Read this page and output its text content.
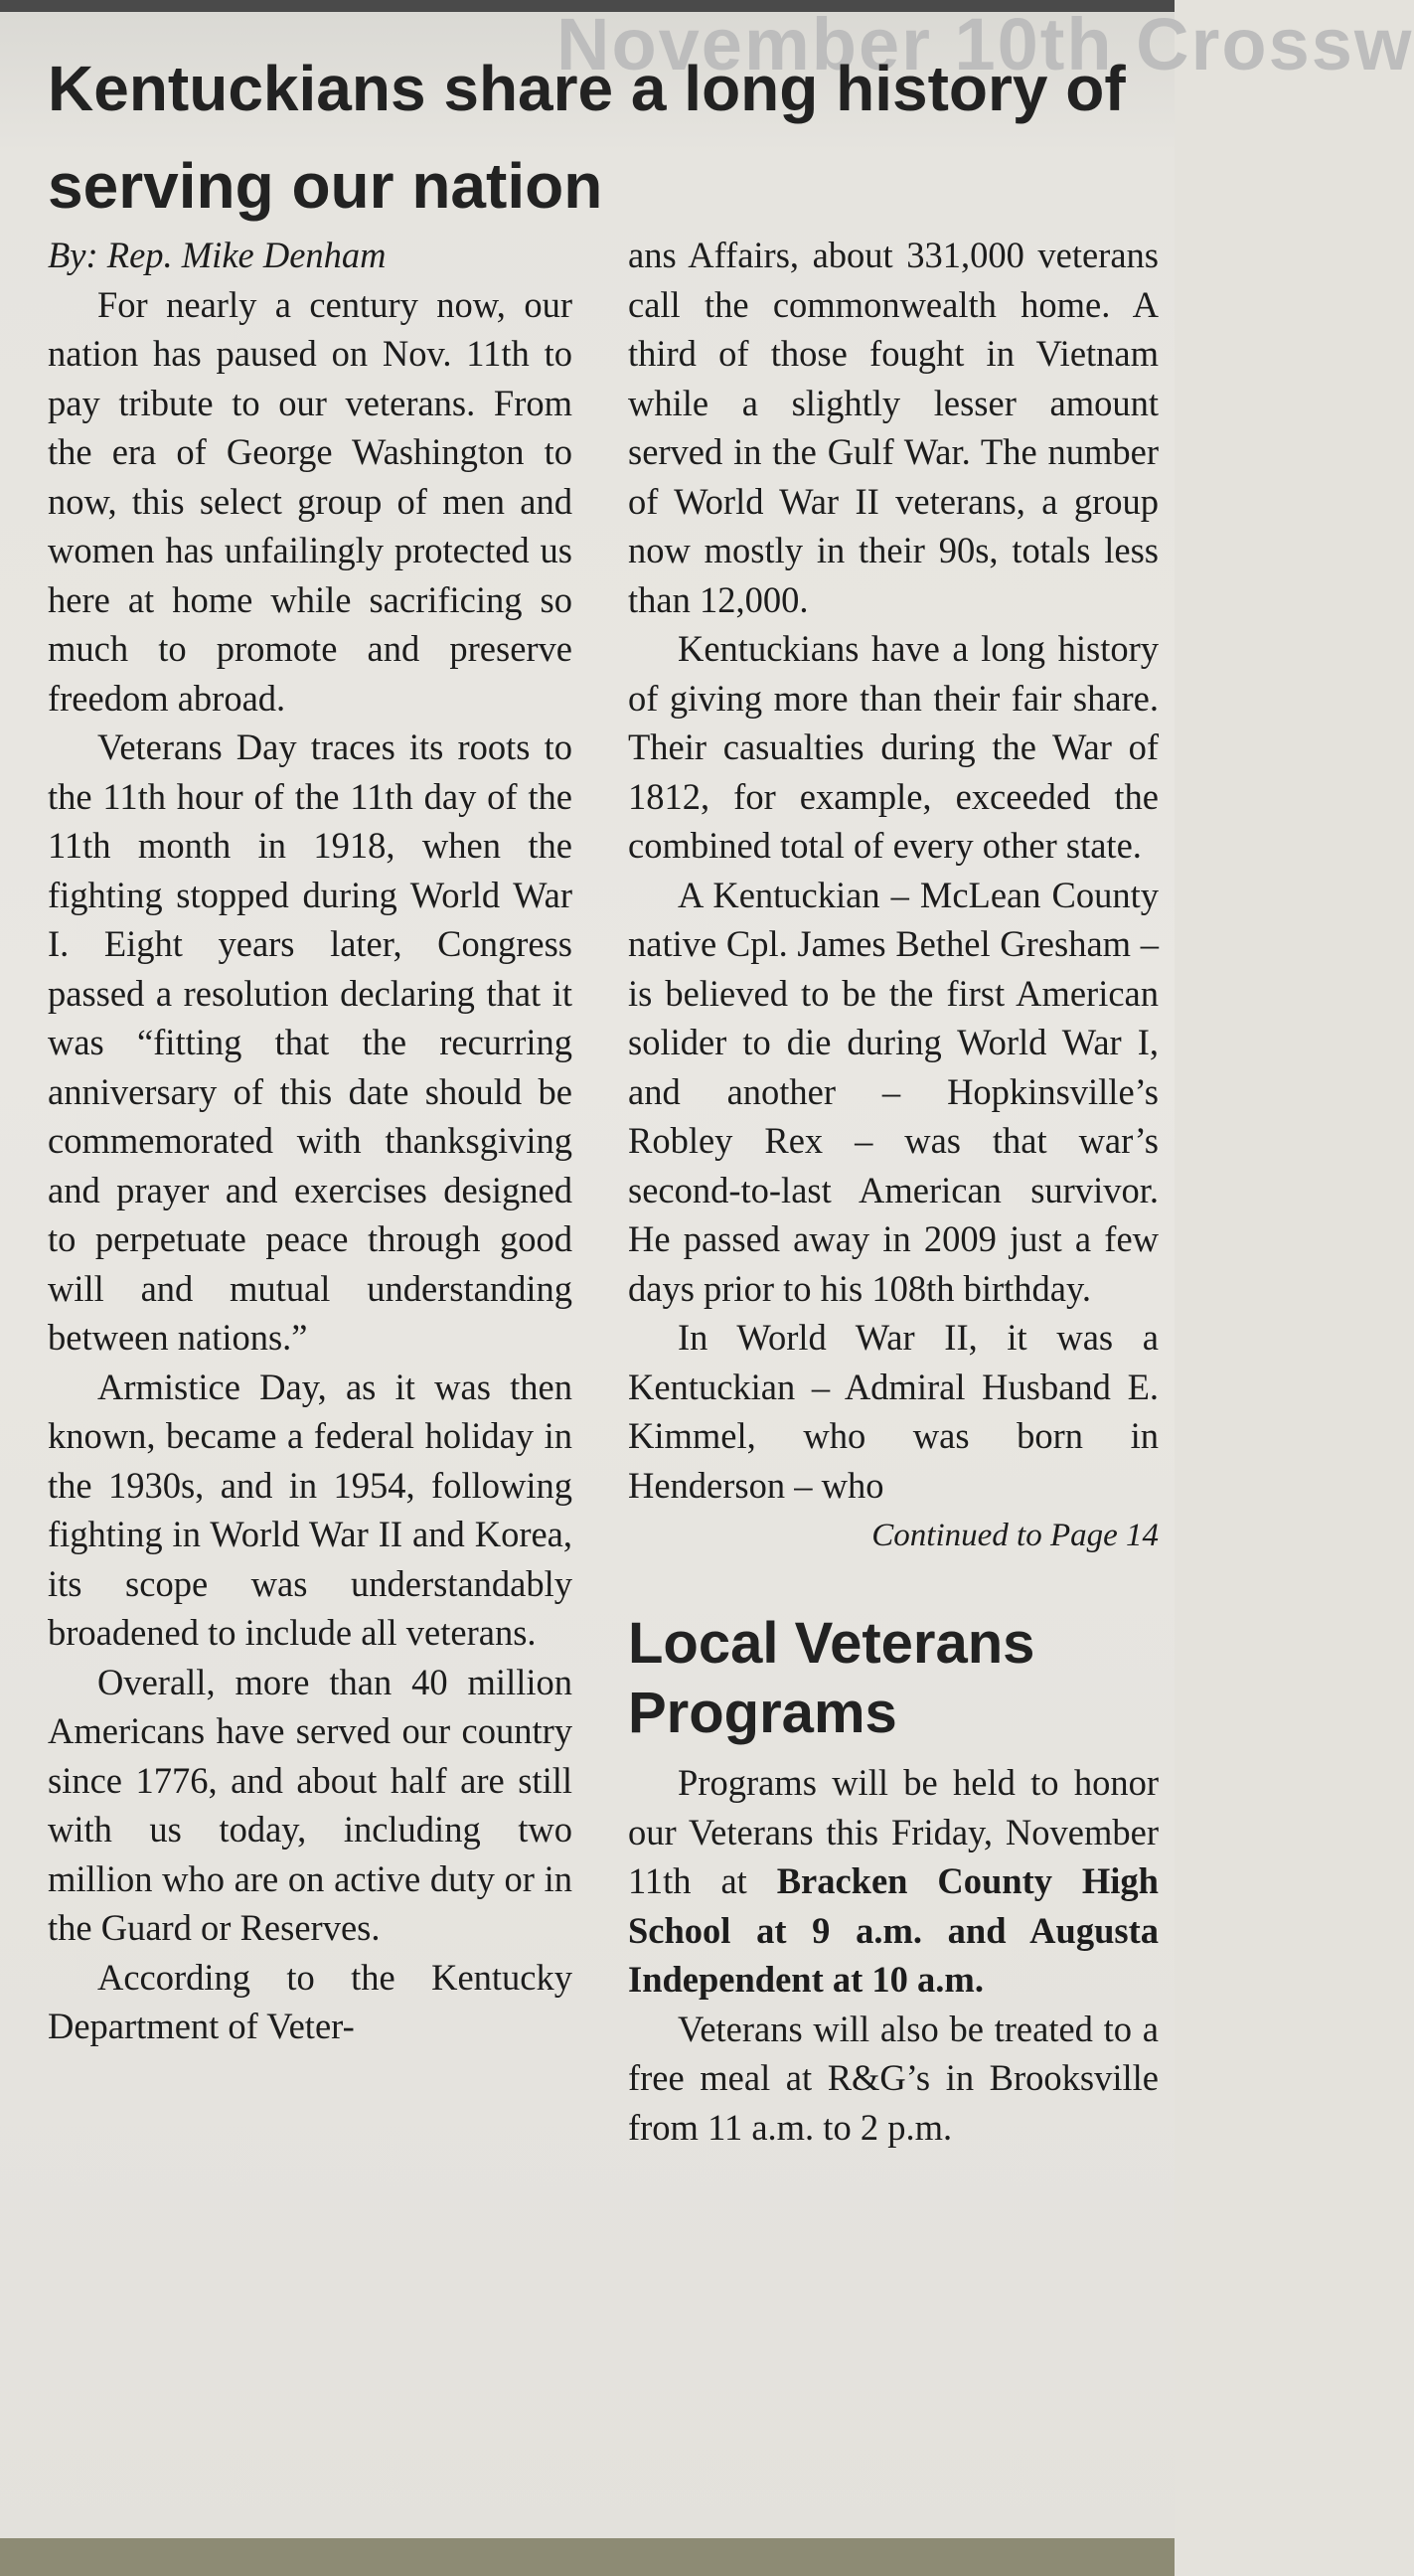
November 10th Crossw
Kentuckians share a long history of serving our nation

By: Rep. Mike Denham

For nearly a century now, our nation has paused on Nov. 11th to pay tribute to our veterans. From the era of George Washington to now, this select group of men and women has unfailingly protected us here at home while sacrificing so much to promote and preserve freedom abroad.

Veterans Day traces its roots to the 11th hour of the 11th day of the 11th month in 1918, when the fighting stopped during World War I. Eight years later, Congress passed a resolution declaring that it was “fitting that the recurring anniversary of this date should be commemorated with thanksgiving and prayer and exercises designed to perpetuate peace through good will and mutual understanding between nations.”

Armistice Day, as it was then known, became a federal holiday in the 1930s, and in 1954, following fighting in World War II and Korea, its scope was understandably broadened to include all veterans.

Overall, more than 40 million Americans have served our country since 1776, and about half are still with us today, including two million who are on active duty or in the Guard or Reserves.

According to the Kentucky Department of Veter-

ans Affairs, about 331,000 veterans call the commonwealth home. A third of those fought in Vietnam while a slightly lesser amount served in the Gulf War. The number of World War II veterans, a group now mostly in their 90s, totals less than 12,000.

Kentuckians have a long history of giving more than their fair share. Their casualties during the War of 1812, for example, exceeded the combined total of every other state.

A Kentuckian – McLean County native Cpl. James Bethel Gresham – is believed to be the first American solider to die during World War I, and another – Hopkinsville’s Robley Rex – was that war’s second-to-last American survivor. He passed away in 2009 just a few days prior to his 108th birthday.

In World War II, it was a Kentuckian – Admiral Husband E. Kimmel, who was born in Henderson – who

Continued to Page 14

Local Veterans Programs

Programs will be held to honor our Veterans this Friday, November 11th at Bracken County High School at 9 a.m. and Augusta Independent at 10 a.m.

Veterans will also be treated to a free meal at R&G’s in Brooksville from 11 a.m. to 2 p.m.
